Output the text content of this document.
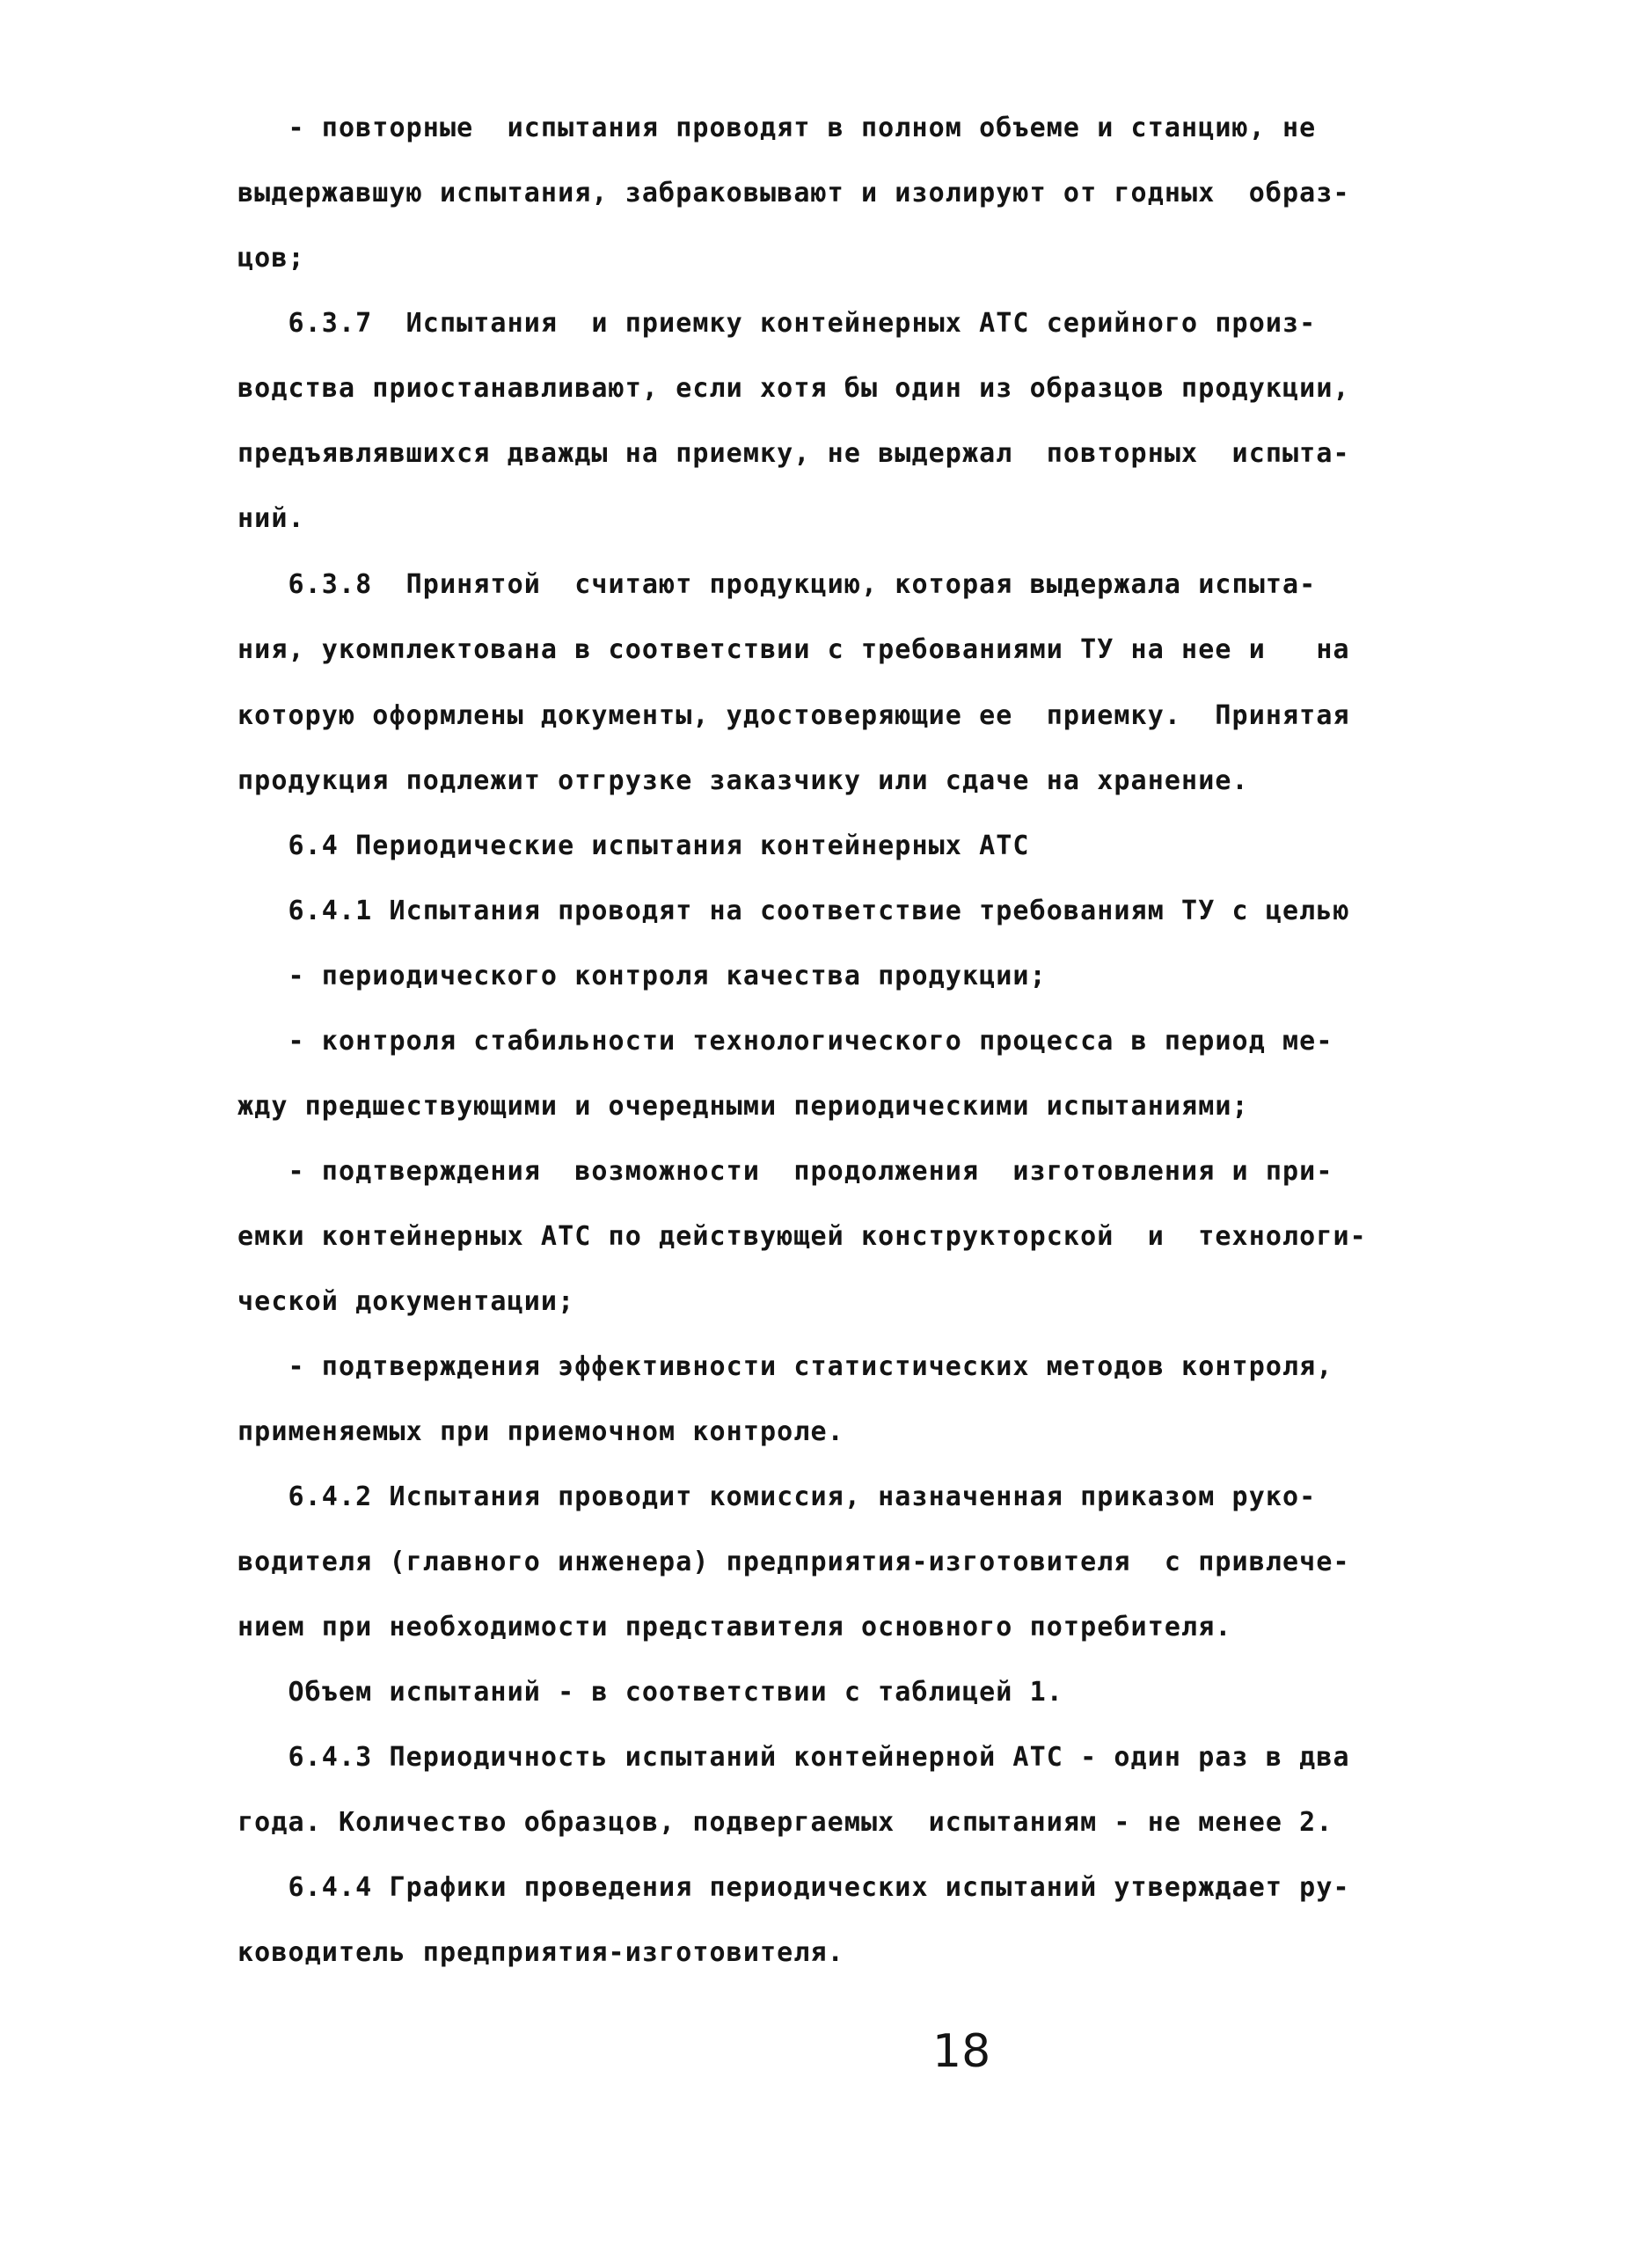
- повторные  испытания проводят в полном объеме и станцию, не

выдержавшую испытания, забраковывают и изолируют от годных  образ-

цов;

6.3.7  Испытания  и приемку контейнерных АТС серийного произ-

водства приостанавливают, если хотя бы один из образцов продукции,

предъявлявшихся дважды на приемку, не выдержал  повторных  испыта-

ний.

6.3.8  Принятой  считают продукцию, которая выдержала испыта-

ния, укомплектована в соответствии с требованиями ТУ на нее и   на

которую оформлены документы, удостоверяющие ее  приемку.  Принятая

продукция подлежит отгрузке заказчику или сдаче на хранение.

6.4 Периодические испытания контейнерных АТС

6.4.1 Испытания проводят на соответствие требованиям ТУ с целью

- периодического контроля качества продукции;

- контроля стабильности технологического процесса в период ме-

жду предшествующими и очередными периодическими испытаниями;

- подтверждения  возможности  продолжения  изготовления и при-

емки контейнерных АТС по действующей конструкторской  и  технологи-

ческой документации;

- подтверждения эффективности статистических методов контроля,

применяемых при приемочном контроле.

6.4.2 Испытания проводит комиссия, назначенная приказом руко-

водителя (главного инженера) предприятия-изготовителя  с привлече-

нием при необходимости представителя основного потребителя.

Объем испытаний - в соответствии с таблицей 1.

6.4.3 Периодичность испытаний контейнерной АТС - один раз в два

года. Количество образцов, подвергаемых  испытаниям - не менее 2.

6.4.4 Графики проведения периодических испытаний утверждает ру-

ководитель предприятия-изготовителя.

18
